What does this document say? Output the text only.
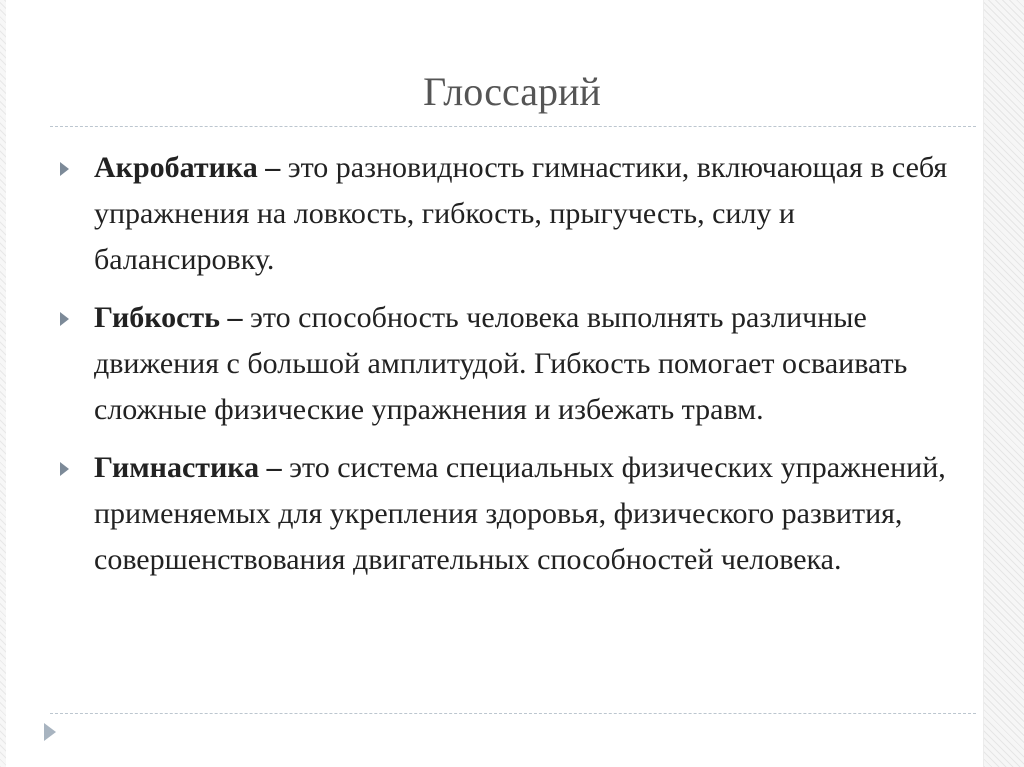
Глоссарий
Акробатика – это разновидность гимнастики, включающая в себя упражнения на ловкость, гибкость, прыгучесть, силу и балансировку.
Гибкость – это способность человека выполнять различные движения с большой амплитудой. Гибкость помогает осваивать сложные физические упражнения и избежать травм.
Гимнастика – это система специальных физических упражнений, применяемых для укрепления здоровья, физического развития, совершенствования двигательных способностей человека.
